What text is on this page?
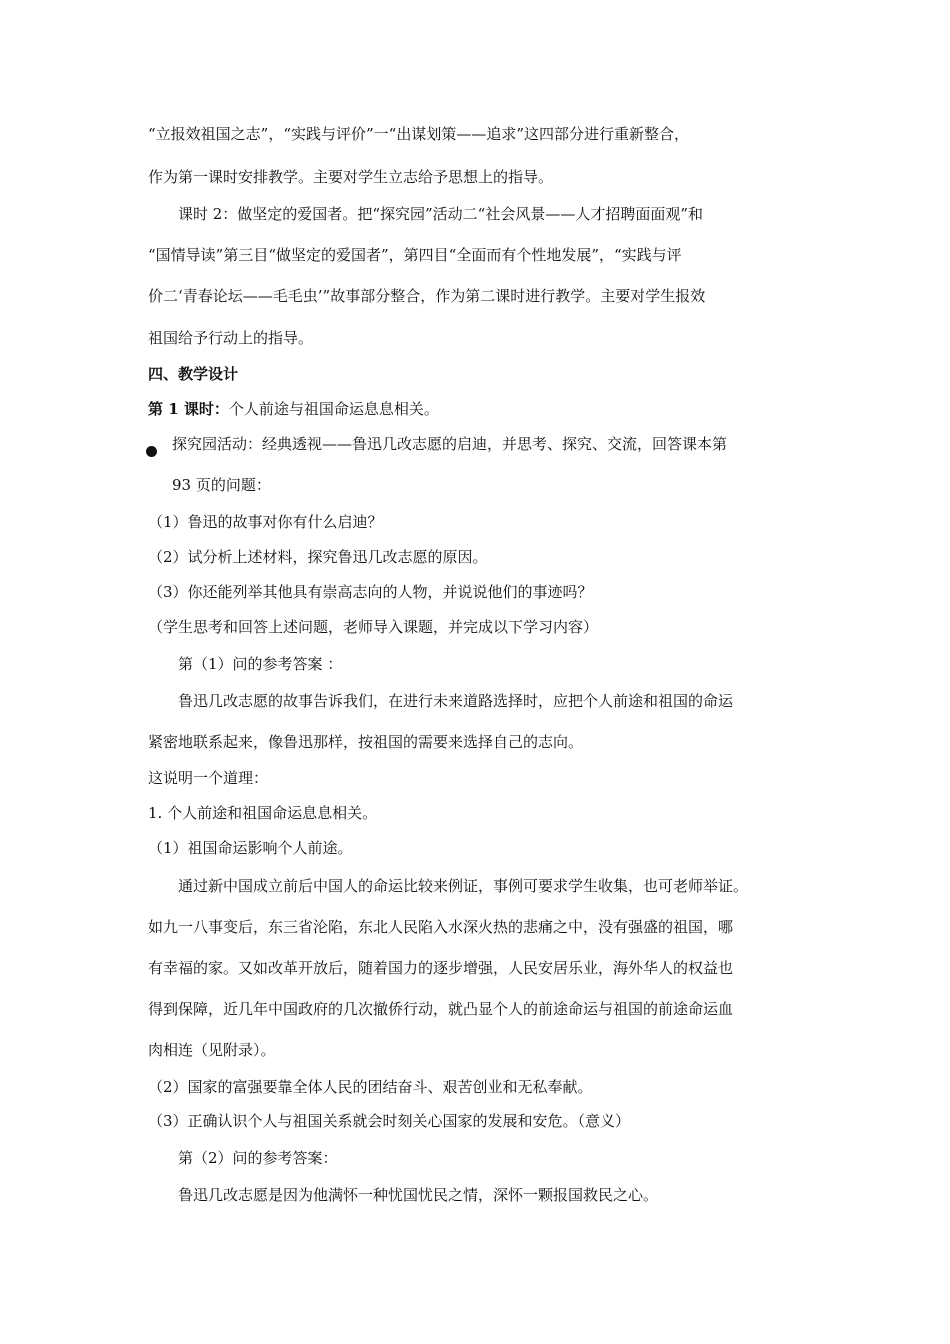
“立报效祖国之志”，“实践与评价”一“出谋划策——追求”这四部分进行重新整合，
作为第一课时安排教学。主要对学生立志给予思想上的指导。
课时 2：做坚定的爱国者。把“探究园”活动二“社会风景——人才招聘面面观”和
“国情导读”第三目“做坚定的爱国者”，第四目“全面而有个性地发展”，“实践与评
价二‘青春论坛——毛毛虫’”故事部分整合，作为第二课时进行教学。主要对学生报效
祖国给予行动上的指导。
四、教学设计
第 1 课时：个人前途与祖国命运息息相关。
探究园活动：经典透视——鲁迅几改志愿的启迪，并思考、探究、交流，回答课本第
93 页的问题：
（1）鲁迅的故事对你有什么启迪？
（2）试分析上述材料，探究鲁迅几改志愿的原因。
（3）你还能列举其他具有崇高志向的人物，并说说他们的事迹吗？
（学生思考和回答上述问题，老师导入课题，并完成以下学习内容）
第（1）问的参考答案 ：
鲁迅几改志愿的故事告诉我们，在进行未来道路选择时，应把个人前途和祖国的命运
紧密地联系起来，像鲁迅那样，按祖国的需要来选择自己的志向。
这说明一个道理：
1. 个人前途和祖国命运息息相关。
（1）祖国命运影响个人前途。
通过新中国成立前后中国人的命运比较来例证，事例可要求学生收集，也可老师举证。
如九一八事变后，东三省沦陷，东北人民陷入水深火热的悲痛之中，没有强盛的祖国，哪
有幸福的家。又如改革开放后，随着国力的逐步增强，人民安居乐业，海外华人的权益也
得到保障，近几年中国政府的几次撤侨行动，就凸显个人的前途命运与祖国的前途命运血
肉相连（见附录）。
（2）国家的富强要靠全体人民的团结奋斗、艰苦创业和无私奉献。
（3）正确认识个人与祖国关系就会时刻关心国家的发展和安危。（意义）
第（2）问的参考答案：
鲁迅几改志愿是因为他满怀一种忧国忧民之情，深怀一颗报国救民之心。
